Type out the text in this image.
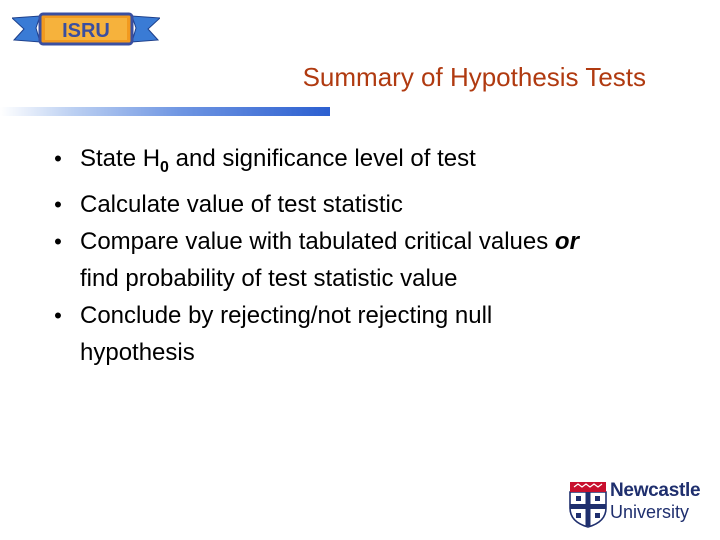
ISRU
Summary of Hypothesis Tests
• State $H_0$ and significance level of test
• Calculate value of test statistic
• Compare value with tabulated critical values or
find probability of test statistic value
• Conclude by rejecting/not rejecting null
hypothesis
Newcastle
University
